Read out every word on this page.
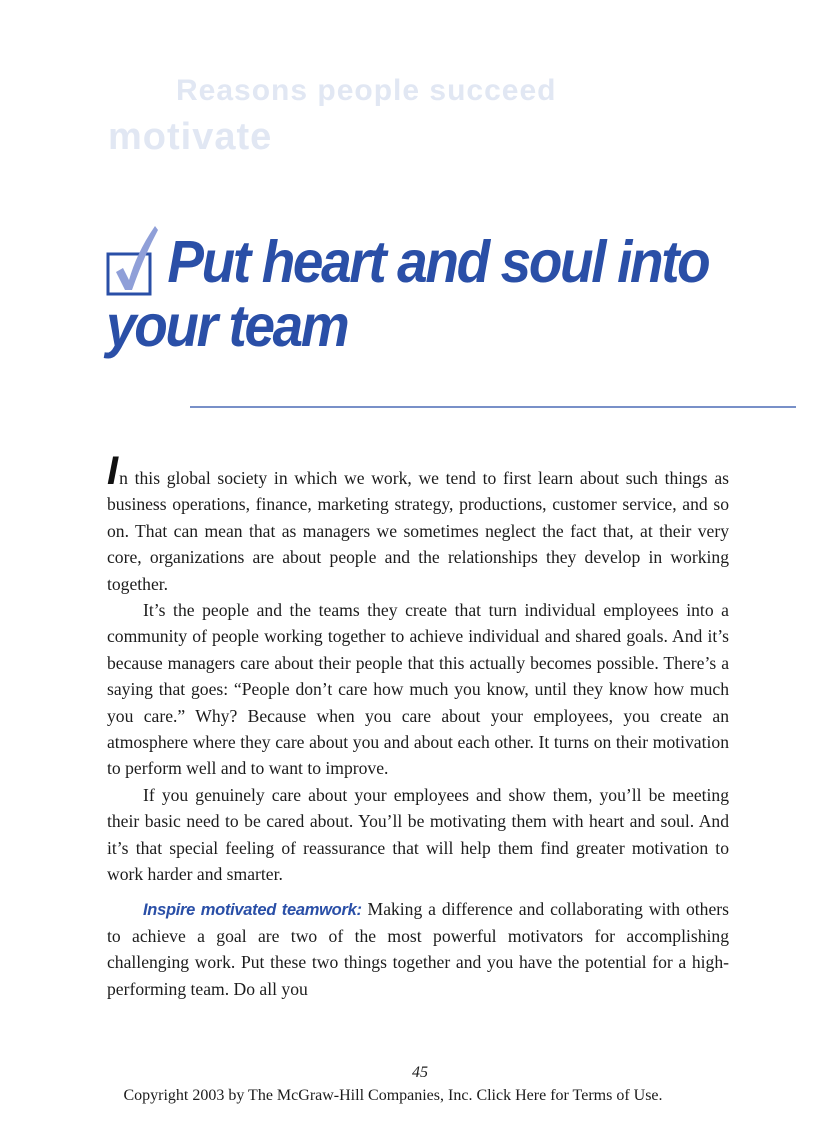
Reasons people succeed
motivate
Put heart and soul into your team

In this global society in which we work, we tend to first learn about such things as business operations, finance, marketing strategy, productions, customer service, and so on. That can mean that as managers we sometimes neglect the fact that, at their very core, organizations are about people and the relationships they develop in working together.

It’s the people and the teams they create that turn individual employees into a community of people working together to achieve individual and shared goals. And it’s because managers care about their people that this actually becomes possible. There’s a saying that goes: “People don’t care how much you know, until they know how much you care.” Why? Because when you care about your employees, you create an atmosphere where they care about you and about each other. It turns on their motivation to perform well and to want to improve.

If you genuinely care about your employees and show them, you’ll be meeting their basic need to be cared about. You’ll be motivating them with heart and soul. And it’s that special feeling of reassurance that will help them find greater motivation to work harder and smarter.

Inspire motivated teamwork: Making a difference and collaborating with others to achieve a goal are two of the most powerful motivators for accomplishing challenging work. Put these two things together and you have the potential for a high-performing team. Do all you

45
Copyright 2003 by The McGraw-Hill Companies, Inc. Click Here for Terms of Use.
